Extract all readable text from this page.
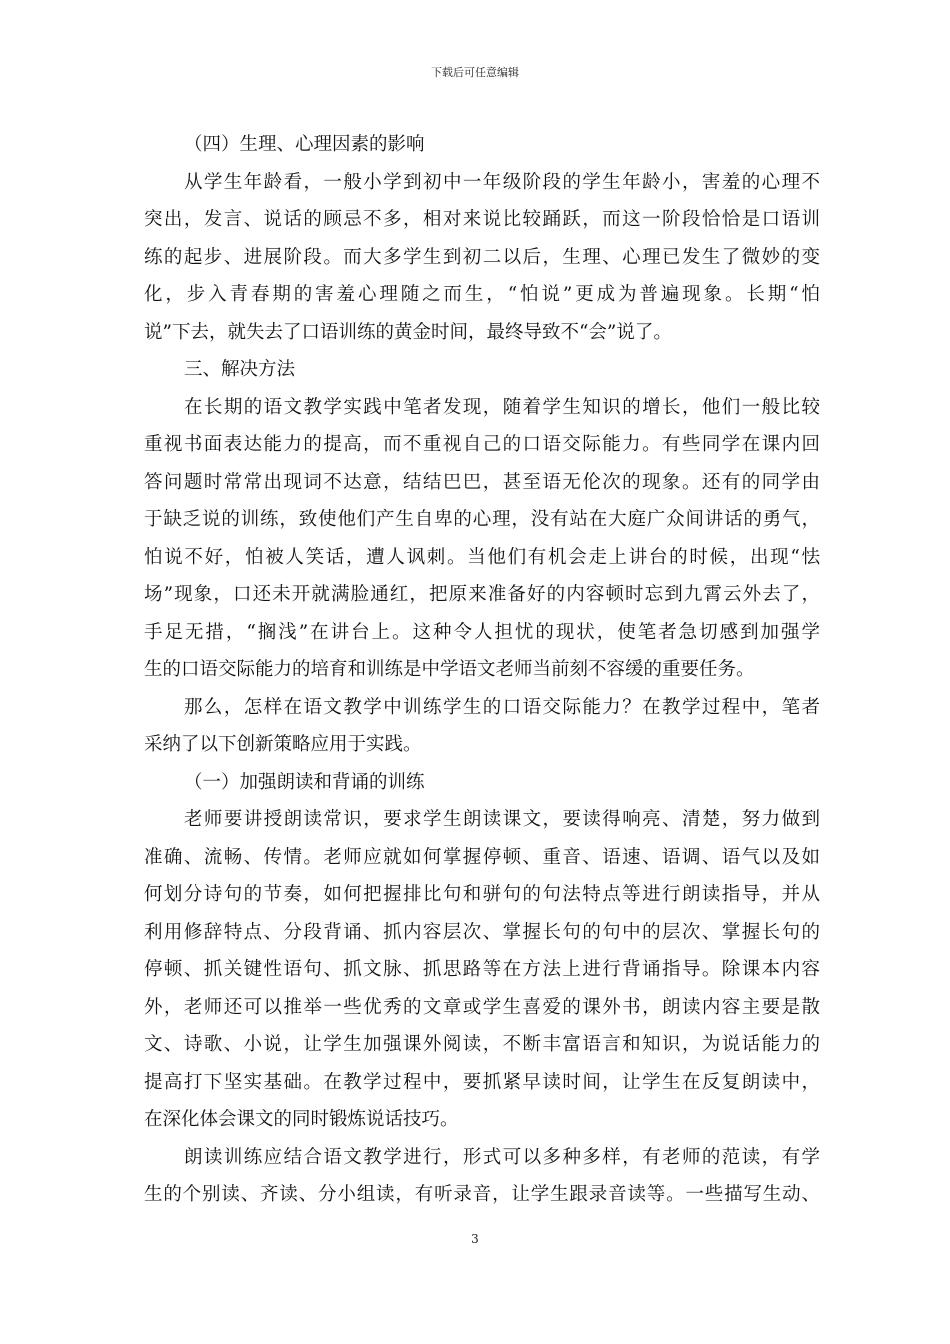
下载后可任意编辑
（四）生理、心理因素的影响
从学生年龄看，一般小学到初中一年级阶段的学生年龄小，害羞的心理不
突出，发言、说话的顾忌不多，相对来说比较踊跃，而这一阶段恰恰是口语训
练的起步、进展阶段。而大多学生到初二以后，生理、心理已发生了微妙的变
化，步入青春期的害羞心理随之而生，“怕说”更成为普遍现象。长期“怕
说”下去，就失去了口语训练的黄金时间，最终导致不“会”说了。
三、解决方法
在长期的语文教学实践中笔者发现，随着学生知识的增长，他们一般比较
重视书面表达能力的提高，而不重视自己的口语交际能力。有些同学在课内回
答问题时常常出现词不达意，结结巴巴，甚至语无伦次的现象。还有的同学由
于缺乏说的训练，致使他们产生自卑的心理，没有站在大庭广众间讲话的勇气，
怕说不好，怕被人笑话，遭人讽刺。当他们有机会走上讲台的时候，出现“怯
场”现象，口还未开就满脸通红，把原来准备好的内容顿时忘到九霄云外去了，
手足无措，“搁浅”在讲台上。这种令人担忧的现状，使笔者急切感到加强学
生的口语交际能力的培育和训练是中学语文老师当前刻不容缓的重要任务。
那么，怎样在语文教学中训练学生的口语交际能力？在教学过程中，笔者
采纳了以下创新策略应用于实践。
（一）加强朗读和背诵的训练
老师要讲授朗读常识，要求学生朗读课文，要读得响亮、清楚，努力做到
准确、流畅、传情。老师应就如何掌握停顿、重音、语速、语调、语气以及如
何划分诗句的节奏，如何把握排比句和骈句的句法特点等进行朗读指导，并从
利用修辞特点、分段背诵、抓内容层次、掌握长句的句中的层次、掌握长句的
停顿、抓关键性语句、抓文脉、抓思路等在方法上进行背诵指导。除课本内容
外，老师还可以推举一些优秀的文章或学生喜爱的课外书，朗读内容主要是散
文、诗歌、小说，让学生加强课外阅读，不断丰富语言和知识，为说话能力的
提高打下坚实基础。在教学过程中，要抓紧早读时间，让学生在反复朗读中，
在深化体会课文的同时锻炼说话技巧。
朗读训练应结合语文教学进行，形式可以多种多样，有老师的范读，有学
生的个别读、齐读、分小组读，有听录音，让学生跟录音读等。一些描写生动、
3
